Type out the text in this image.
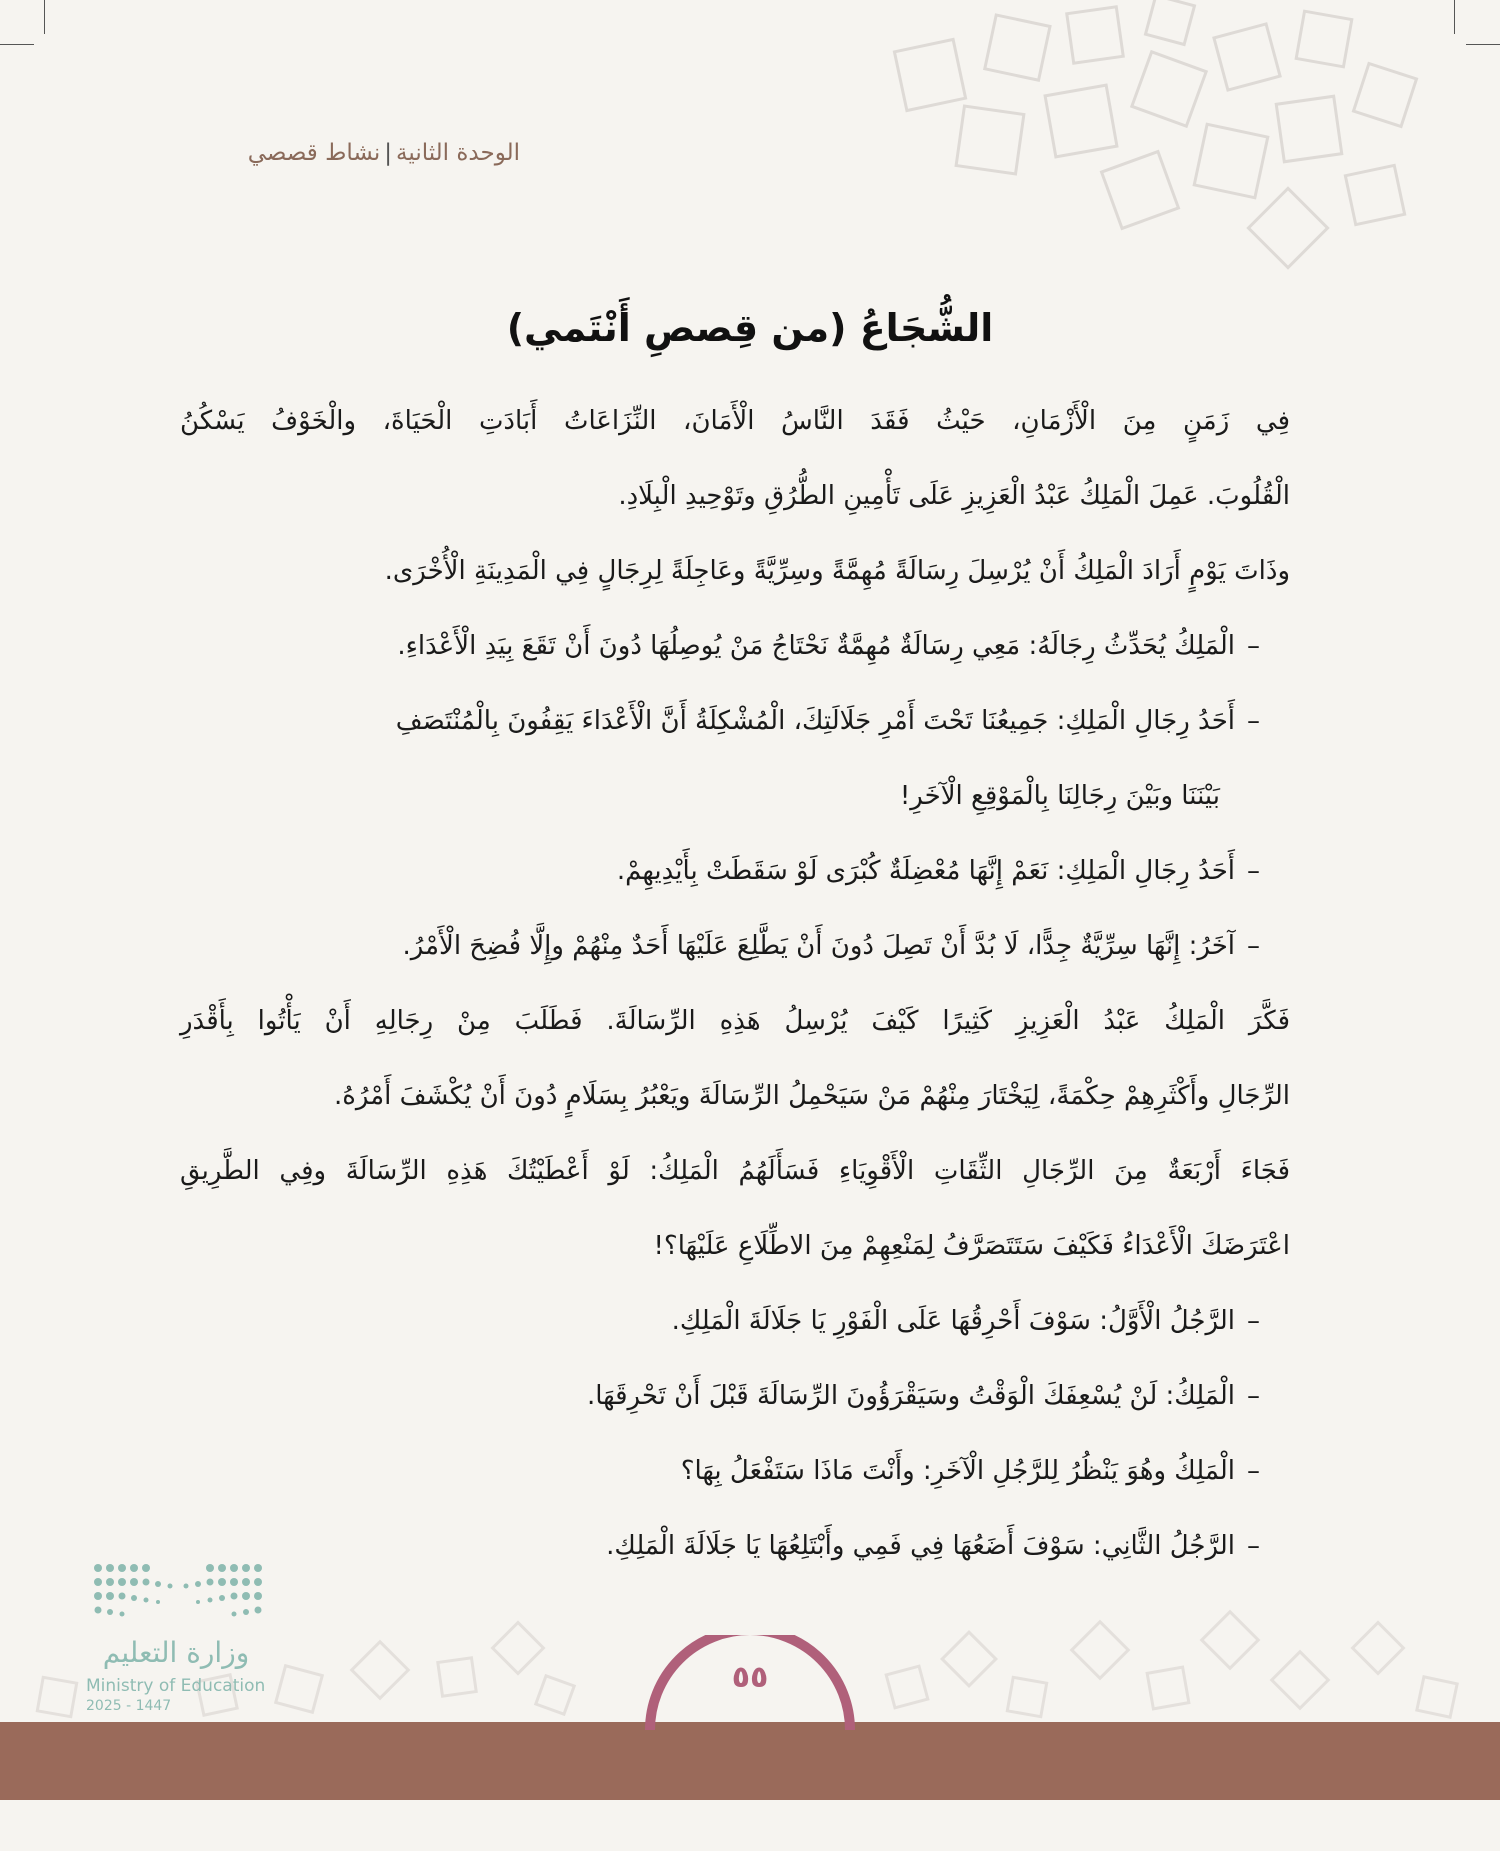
الوحدة الثانية|نشاط قصصي
الشُّجَاعُ (من قِصصِ أَنْتَمي)
فِي زَمَنٍ مِنَ الْأَزْمَانِ، حَيْثُ فَقَدَ النَّاسُ الْأَمَانَ، النِّزَاعَاتُ أَبَادَتِ الْحَيَاةَ، والْخَوْفُ يَسْكُنُ
الْقُلُوبَ. عَمِلَ الْمَلِكُ عَبْدُ الْعَزِيزِ عَلَى تَأْمِينِ الطُّرُقِ وتَوْحِيدِ الْبِلَادِ.
وذَاتَ يَوْمٍ أَرَادَ الْمَلِكُ أَنْ يُرْسِلَ رِسَالَةً مُهِمَّةً وسِرِّيَّةً وعَاجِلَةً لِرِجَالٍ فِي الْمَدِينَةِ الْأُخْرَى.
–الْمَلِكُ يُحَدِّثُ رِجَالَهُ: مَعِي رِسَالَةٌ مُهِمَّةٌ نَحْتَاجُ مَنْ يُوصِلُهَا دُونَ أَنْ تَقَعَ بِيَدِ الْأَعْدَاءِ.
–أَحَدُ رِجَالِ الْمَلِكِ: جَمِيعُنَا تَحْتَ أَمْرِ جَلَالَتِكَ، الْمُشْكِلَةُ أَنَّ الْأَعْدَاءَ يَقِفُونَ بِالْمُنْتَصَفِ
بَيْنَنَا وبَيْنَ رِجَالِنَا بِالْمَوْقِعِ الْآخَرِ!
–أَحَدُ رِجَالِ الْمَلِكِ: نَعَمْ إِنَّهَا مُعْضِلَةٌ كُبْرَى لَوْ سَقَطَتْ بِأَيْدِيهِمْ.
–آخَرُ: إِنَّهَا سِرِّيَّةٌ جِدًّا، لَا بُدَّ أَنْ تَصِلَ دُونَ أَنْ يَطَّلِعَ عَلَيْهَا أَحَدٌ مِنْهُمْ وإِلَّا فُضِحَ الْأَمْرُ.
فَكَّرَ الْمَلِكُ عَبْدُ الْعَزِيزِ كَثِيرًا كَيْفَ يُرْسِلُ هَذِهِ الرِّسَالَةَ. فَطَلَبَ مِنْ رِجَالِهِ أَنْ يَأْتُوا بِأَقْدَرِ
الرِّجَالِ وأَكْثَرِهِمْ حِكْمَةً، لِيَخْتَارَ مِنْهُمْ مَنْ سَيَحْمِلُ الرِّسَالَةَ ويَعْبُرُ بِسَلَامٍ دُونَ أَنْ يُكْشَفَ أَمْرُهُ.
فَجَاءَ أَرْبَعَةٌ مِنَ الرِّجَالِ الثِّقَاتِ الْأَقْوِيَاءِ فَسَأَلَهُمُ الْمَلِكُ: لَوْ أَعْطَيْتُكَ هَذِهِ الرِّسَالَةَ وفِي الطَّرِيقِ
اعْتَرَضَكَ الْأَعْدَاءُ فَكَيْفَ سَتَتَصَرَّفُ لِمَنْعِهِمْ مِنَ الاطِّلَاعِ عَلَيْهَا؟!
–الرَّجُلُ الْأَوَّلُ: سَوْفَ أَحْرِقُهَا عَلَى الْفَوْرِ يَا جَلَالَةَ الْمَلِكِ.
–الْمَلِكُ: لَنْ يُسْعِفَكَ الْوَقْتُ وسَيَقْرَؤُونَ الرِّسَالَةَ قَبْلَ أَنْ تَحْرِقَهَا.
–الْمَلِكُ وهُوَ يَنْظُرُ لِلرَّجُلِ الْآخَرِ: وأَنْتَ مَاذَا سَتَفْعَلُ بِهَا؟
–الرَّجُلُ الثَّانِي: سَوْفَ أَضَعُهَا فِي فَمِي وأَبْتَلِعُهَا يَا جَلَالَةَ الْمَلِكِ.
وزارة التعليم
Ministry of Education
2025 - 1447
٥٥
